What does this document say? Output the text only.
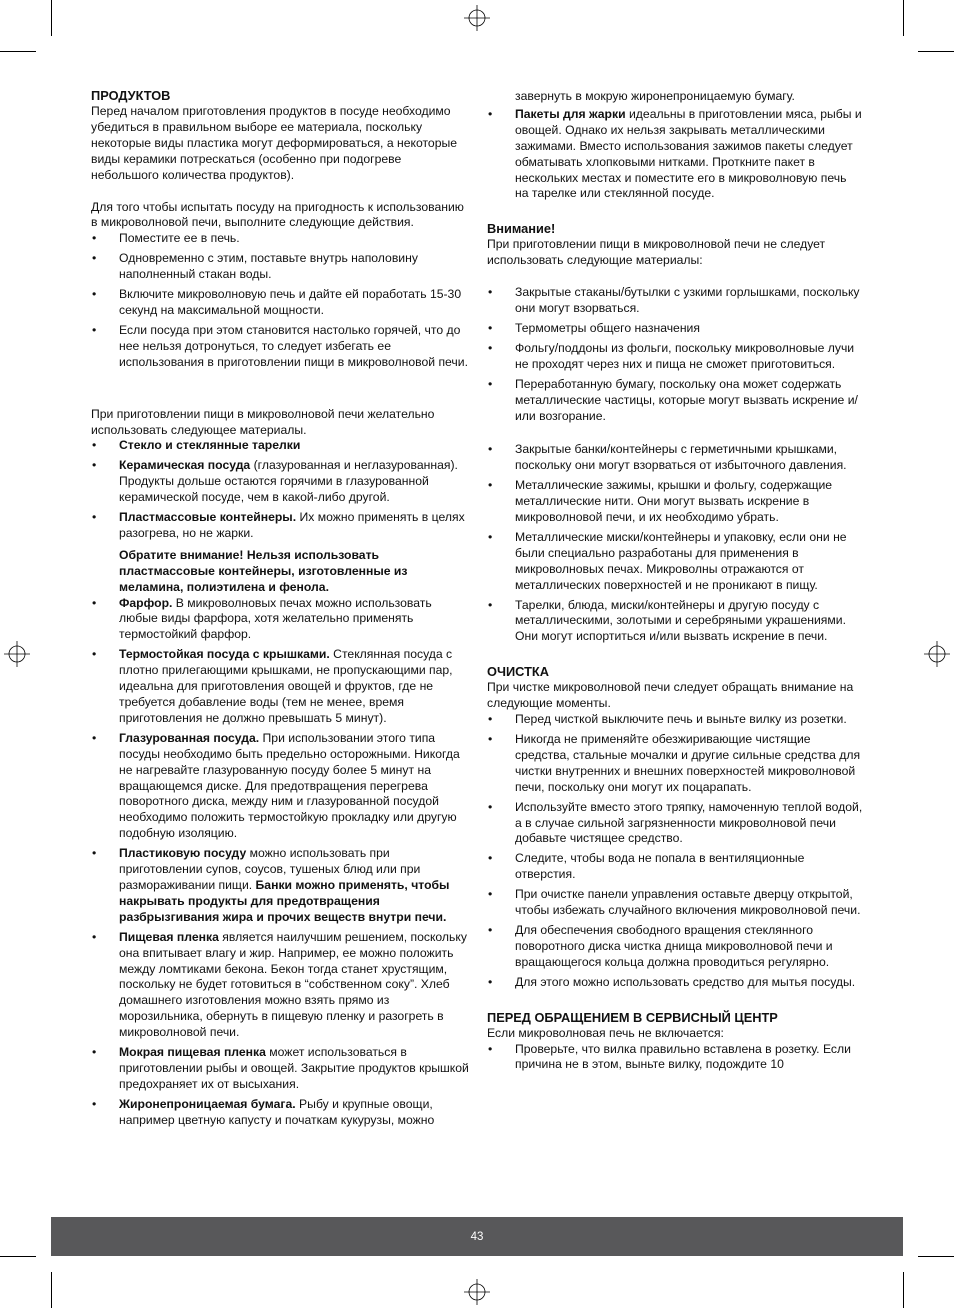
ПРОДУКТОВ

Перед началом приготовления продуктов в посуде необходимо убедиться в правильном выборе ее материала, поскольку некоторые виды пластика могут деформироваться, а некоторые виды керамики потрескаться (особенно при подогреве небольшого количества продуктов).

Для того чтобы испытать посуду на пригодность к использованию в микроволновой печи, выполните следующие действия.

• Поместите ее в печь.
• Одновременно с этим, поставьте внутрь наполовину наполненный стакан воды.
• Включите микроволновую печь и дайте ей поработать 15-30 секунд на максимальной мощности.
• Если посуда при этом становится настолько горячей, что до нее нельзя дотронуться, то следует избегать ее использования в приготовлении пищи в микроволновой печи.

При приготовлении пищи в микроволновой печи желательно использовать следующее материалы.

• Стекло и стеклянные тарелки
• Керамическая посуда (глазурованная и неглазурованная). Продукты дольше остаются горячими в глазурованной керамической посуде, чем в какой-либо другой.
• Пластмассовые контейнеры. Их можно применять в целях разогрева, но не жарки.

Обратите внимание! Нельзя использовать пластмассовые контейнеры, изготовленные из меламина, полиэтилена и фенола.

• Фарфор. В микроволновых печах можно использовать любые виды фарфора, хотя желательно применять термостойкий фарфор.
• Термостойкая посуда с крышками. Стеклянная посуда с плотно прилегающими крышками, не пропускающими пар, идеальна для приготовления овощей и фруктов, где не требуется добавление воды (тем не менее, время приготовления не должно превышать 5 минут).
• Глазурованная посуда. При использовании этого типа посуды необходимо быть предельно осторожными. Никогда не нагревайте глазурованную посуду более 5 минут на вращающемся диске. Для предотвращения перегрева поворотного диска, между ним и глазурованной посудой необходимо положить термостойкую прокладку или другую подобную изоляцию.
• Пластиковую посуду можно использовать при приготовлении супов, соусов, тушеных блюд или при размораживании пищи. Банки можно применять, чтобы накрывать продукты для предотвращения разбрызгивания жира и прочих веществ внутри печи.
• Пищевая пленка является наилучшим решением, поскольку она впитывает влагу и жир. Например, ее можно положить между ломтиками бекона. Бекон тогда станет хрустящим, поскольку не будет готовиться в “собственном соку”. Хлеб домашнего изготовления можно взять прямо из морозильника, обернуть в пищевую пленку и разогреть в микроволновой печи.
• Мокрая пищевая пленка может использоваться в приготовлении рыбы и овощей. Закрытие продуктов крышкой предохраняет их от высыхания.
• Жиронепроницаемая бумага. Рыбу и крупные овощи, например цветную капусту и початкам кукурузы, можно

завернуть в мокрую жиронепроницаемую бумагу.

• Пакеты для жарки идеальны в приготовлении мяса, рыбы и овощей. Однако их нельзя закрывать металлическими зажимами. Вместо использования зажимов пакеты следует обматывать хлопковыми нитками. Проткните пакет в нескольких местах и поместите его в микроволновую печь на тарелке или стеклянной посуде.

Внимание!

При приготовлении пищи в микроволновой печи не следует использовать следующие материалы:

• Закрытые стаканы/бутылки с узкими горлышками, поскольку они могут взорваться.
• Термометры общего назначения
• Фольгу/поддоны из фольги, поскольку микроволновые лучи не проходят через них и пища не сможет приготовиться.
• Переработанную бумагу, поскольку она может содержать металлические частицы, которые могут вызвать искрение и/или возгорание.
• Закрытые банки/контейнеры с герметичными крышками, поскольку они могут взорваться от избыточного давления.
• Металлические зажимы, крышки и фольгу, содержащие металлические нити. Они могут вызвать искрение в микроволновой печи, и их необходимо убрать.
• Металлические миски/контейнеры и упаковку, если они не были специально разработаны для применения в микроволновых печах. Микроволны отражаются от металлических поверхностей и не проникают в пищу.
• Тарелки, блюда, миски/контейнеры и другую посуду с металлическими, золотыми и серебряными украшениями. Они могут испортиться и/или вызвать искрение в печи.

ОЧИСТКА

При чистке микроволновой печи следует обращать внимание на следующие моменты.

• Перед чисткой выключите печь и выньте вилку из розетки.
• Никогда не применяйте обезжиривающие чистящие средства, стальные мочалки и другие сильные средства для чистки внутренних и внешних поверхностей микроволновой печи, поскольку они могут их поцарапать.
• Используйте вместо этого тряпку, намоченную теплой водой, а в случае сильной загрязненности микроволновой печи добавьте чистящее средство.
• Следите, чтобы вода не попала в вентиляционные отверстия.
• При очистке панели управления оставьте дверцу открытой, чтобы избежать случайного включения микроволновой печи.
• Для обеспечения свободного вращения стеклянного поворотного диска чистка днища микроволновой печи и вращающегося кольца должна проводиться регулярно.
• Для этого можно использовать средство для мытья посуды.

ПЕРЕД ОБРАЩЕНИЕМ В СЕРВИСНЫЙ ЦЕНТР

Если микроволновая печь не включается:

• Проверьте, что вилка правильно вставлена в розетку. Если причина не в этом, выньте вилку, подождите 10
43
